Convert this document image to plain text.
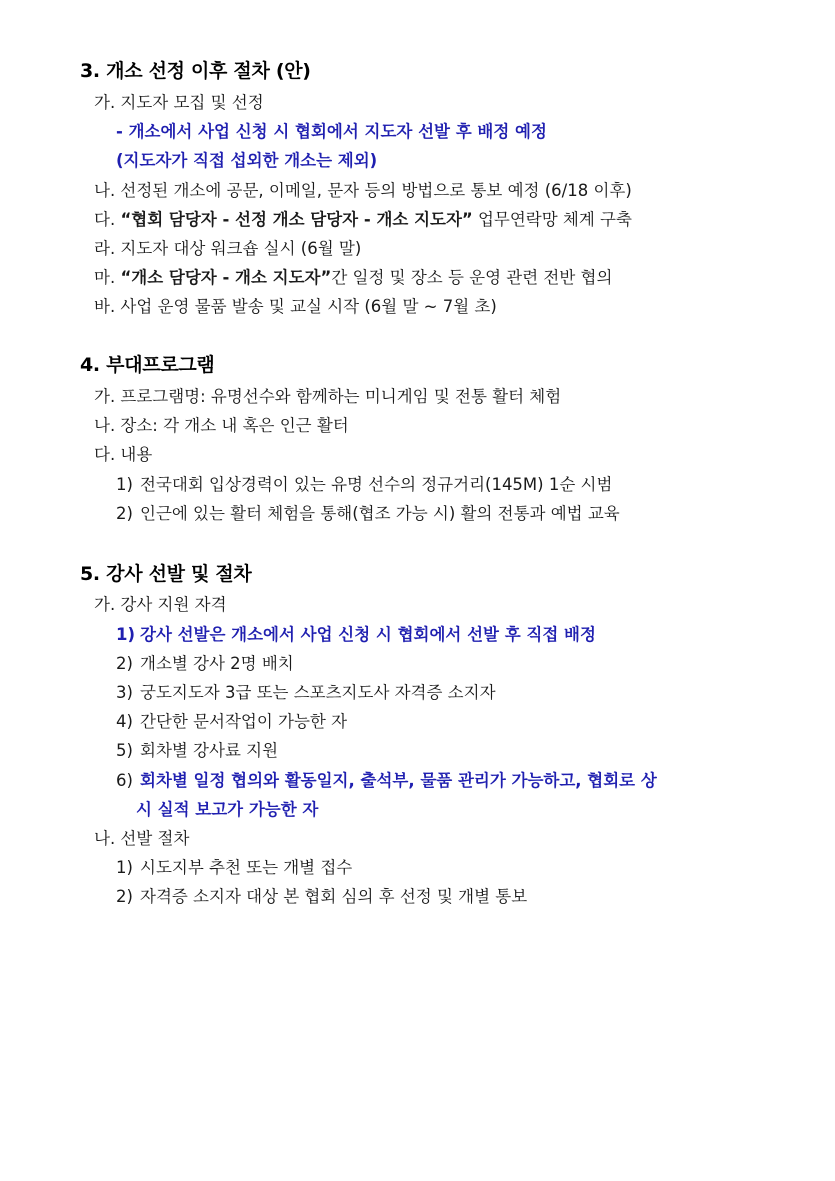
3. 개소 선정 이후 절차 (안)
가. 지도자 모집 및 선정
- 개소에서 사업 신청 시 협회에서 지도자 선발 후 배정 예정
(지도자가 직접 섭외한 개소는 제외)
나. 선정된 개소에 공문, 이메일, 문자 등의 방법으로 통보 예정 (6/18 이후)
다. “협회 담당자 - 선정 개소 담당자 - 개소 지도자” 업무연락망 체계 구축
라. 지도자 대상 워크숍 실시 (6월 말)
마. “개소 담당자 - 개소 지도자”간 일정 및 장소 등 운영 관련 전반 협의
바. 사업 운영 물품 발송 및 교실 시작 (6월 말 ~ 7월 초)
4. 부대프로그램
가. 프로그램명: 유명선수와 함께하는 미니게임 및 전통 활터 체험
나. 장소: 각 개소 내 혹은 인근 활터
다. 내용
1) 전국대회 입상경력이 있는 유명 선수의 정규거리(145M) 1순 시범
2) 인근에 있는 활터 체험을 통해(협조 가능 시) 활의 전통과 예법 교육
5. 강사 선발 및 절차
가. 강사 지원 자격
1) 강사 선발은 개소에서 사업 신청 시 협회에서 선발 후 직접 배정
2) 개소별 강사 2명 배치
3) 궁도지도자 3급 또는 스포츠지도사 자격증 소지자
4) 간단한 문서작업이 가능한 자
5) 회차별 강사료 지원
6) 회차별 일정 협의와 활동일지, 출석부, 물품 관리가 가능하고, 협회로 상
시 실적 보고가 가능한 자
나. 선발 절차
1) 시도지부 추천 또는 개별 접수
2) 자격증 소지자 대상 본 협회 심의 후 선정 및 개별 통보
